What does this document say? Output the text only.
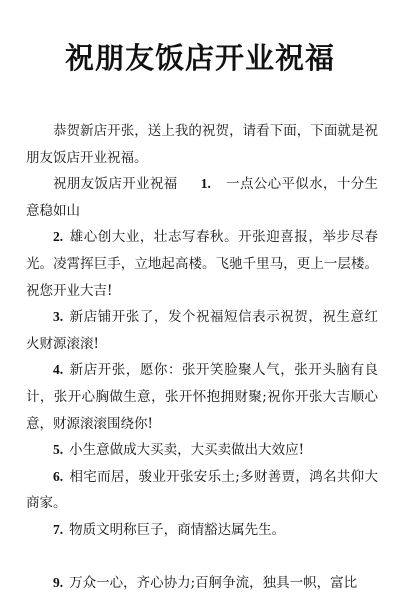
祝朋友饭店开业祝福

恭贺新店开张，送上我的祝贺，请看下面，下面就是祝朋友饭店开业祝福。

祝朋友饭店开业祝福 1. 一点公心平似水，十分生意稳如山

2. 雄心创大业，壮志写春秋。开张迎喜报，举步尽春光。凌霄挥巨手，立地起高楼。飞驰千里马，更上一层楼。祝您开业大吉!

3. 新店铺开张了，发个祝福短信表示祝贺，祝生意红火财源滚滚!

4. 新店开张，愿你：张开笑脸聚人气，张开头脑有良计，张开心胸做生意，张开怀抱拥财聚;祝你开张大吉顺心意，财源滚滚围绕你!

5. 小生意做成大买卖，大买卖做出大效应!

6. 相宅而居，骏业开张安乐土;多财善贾，鸿名共仰大商家。

7. 物质文明称巨子，商情豁达属先生。

9. 万众一心，齐心协力;百舸争流，独具一帜，富比
